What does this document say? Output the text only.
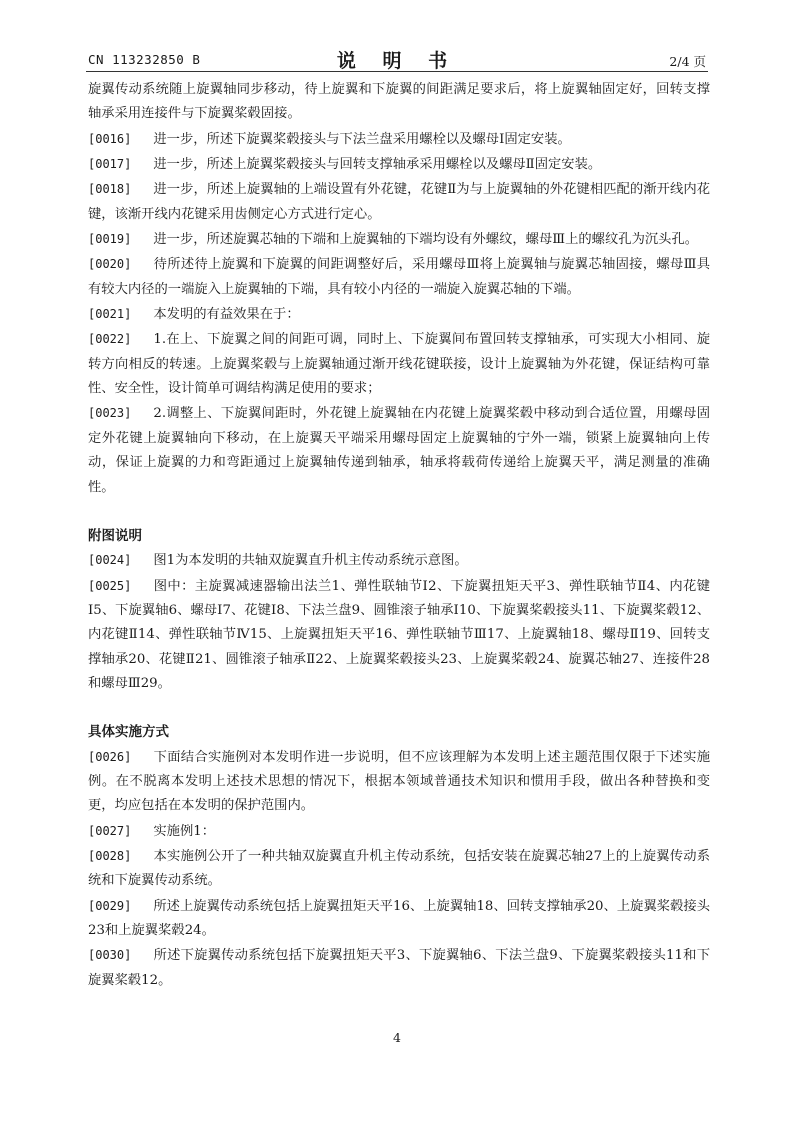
CN 113232850 B	说 明 书	2/4 页

旋翼传动系统随上旋翼轴同步移动，待上旋翼和下旋翼的间距满足要求后，将上旋翼轴固定好，回转支撑轴承采用连接件与下旋翼桨毂固接。

[0016] 进一步，所述下旋翼桨毂接头与下法兰盘采用螺栓以及螺母Ⅰ固定安装。

[0017] 进一步，所述上旋翼桨毂接头与回转支撑轴承采用螺栓以及螺母Ⅱ固定安装。

[0018] 进一步，所述上旋翼轴的上端设置有外花键，花键Ⅱ为与上旋翼轴的外花键相匹配的渐开线内花键，该渐开线内花键采用齿侧定心方式进行定心。

[0019] 进一步，所述旋翼芯轴的下端和上旋翼轴的下端均设有外螺纹，螺母Ⅲ上的螺纹孔为沉头孔。

[0020] 待所述待上旋翼和下旋翼的间距调整好后，采用螺母Ⅲ将上旋翼轴与旋翼芯轴固接，螺母Ⅲ具有较大内径的一端旋入上旋翼轴的下端，具有较小内径的一端旋入旋翼芯轴的下端。

[0021] 本发明的有益效果在于：

[0022] 1.在上、下旋翼之间的间距可调，同时上、下旋翼间布置回转支撑轴承，可实现大小相同、旋转方向相反的转速。上旋翼桨毂与上旋翼轴通过渐开线花键联接，设计上旋翼轴为外花键，保证结构可靠性、安全性，设计简单可调结构满足使用的要求；

[0023] 2.调整上、下旋翼间距时，外花键上旋翼轴在内花键上旋翼桨毂中移动到合适位置，用螺母固定外花键上旋翼轴向下移动，在上旋翼天平端采用螺母固定上旋翼轴的宁外一端，锁紧上旋翼轴向上传动，保证上旋翼的力和弯距通过上旋翼轴传递到轴承，轴承将载荷传递给上旋翼天平，满足测量的准确性。

附图说明

[0024] 图1为本发明的共轴双旋翼直升机主传动系统示意图。

[0025] 图中：主旋翼减速器输出法兰1、弹性联轴节Ⅰ2、下旋翼扭矩天平3、弹性联轴节Ⅱ4、内花键Ⅰ5、下旋翼轴6、螺母Ⅰ7、花键Ⅰ8、下法兰盘9、圆锥滚子轴承Ⅰ10、下旋翼桨毂接头11、下旋翼桨毂12、内花键Ⅱ14、弹性联轴节Ⅳ15、上旋翼扭矩天平16、弹性联轴节Ⅲ17、上旋翼轴18、螺母Ⅱ19、回转支撑轴承20、花键Ⅱ21、圆锥滚子轴承Ⅱ22、上旋翼桨毂接头23、上旋翼桨毂24、旋翼芯轴27、连接件28和螺母Ⅲ29。

具体实施方式

[0026] 下面结合实施例对本发明作进一步说明，但不应该理解为本发明上述主题范围仅限于下述实施例。在不脱离本发明上述技术思想的情况下，根据本领域普通技术知识和惯用手段，做出各种替换和变更，均应包括在本发明的保护范围内。

[0027] 实施例1：

[0028] 本实施例公开了一种共轴双旋翼直升机主传动系统，包括安装在旋翼芯轴27上的上旋翼传动系统和下旋翼传动系统。

[0029] 所述上旋翼传动系统包括上旋翼扭矩天平16、上旋翼轴18、回转支撑轴承20、上旋翼桨毂接头23和上旋翼桨毂24。

[0030] 所述下旋翼传动系统包括下旋翼扭矩天平3、下旋翼轴6、下法兰盘9、下旋翼桨毂接头11和下旋翼桨毂12。

4
